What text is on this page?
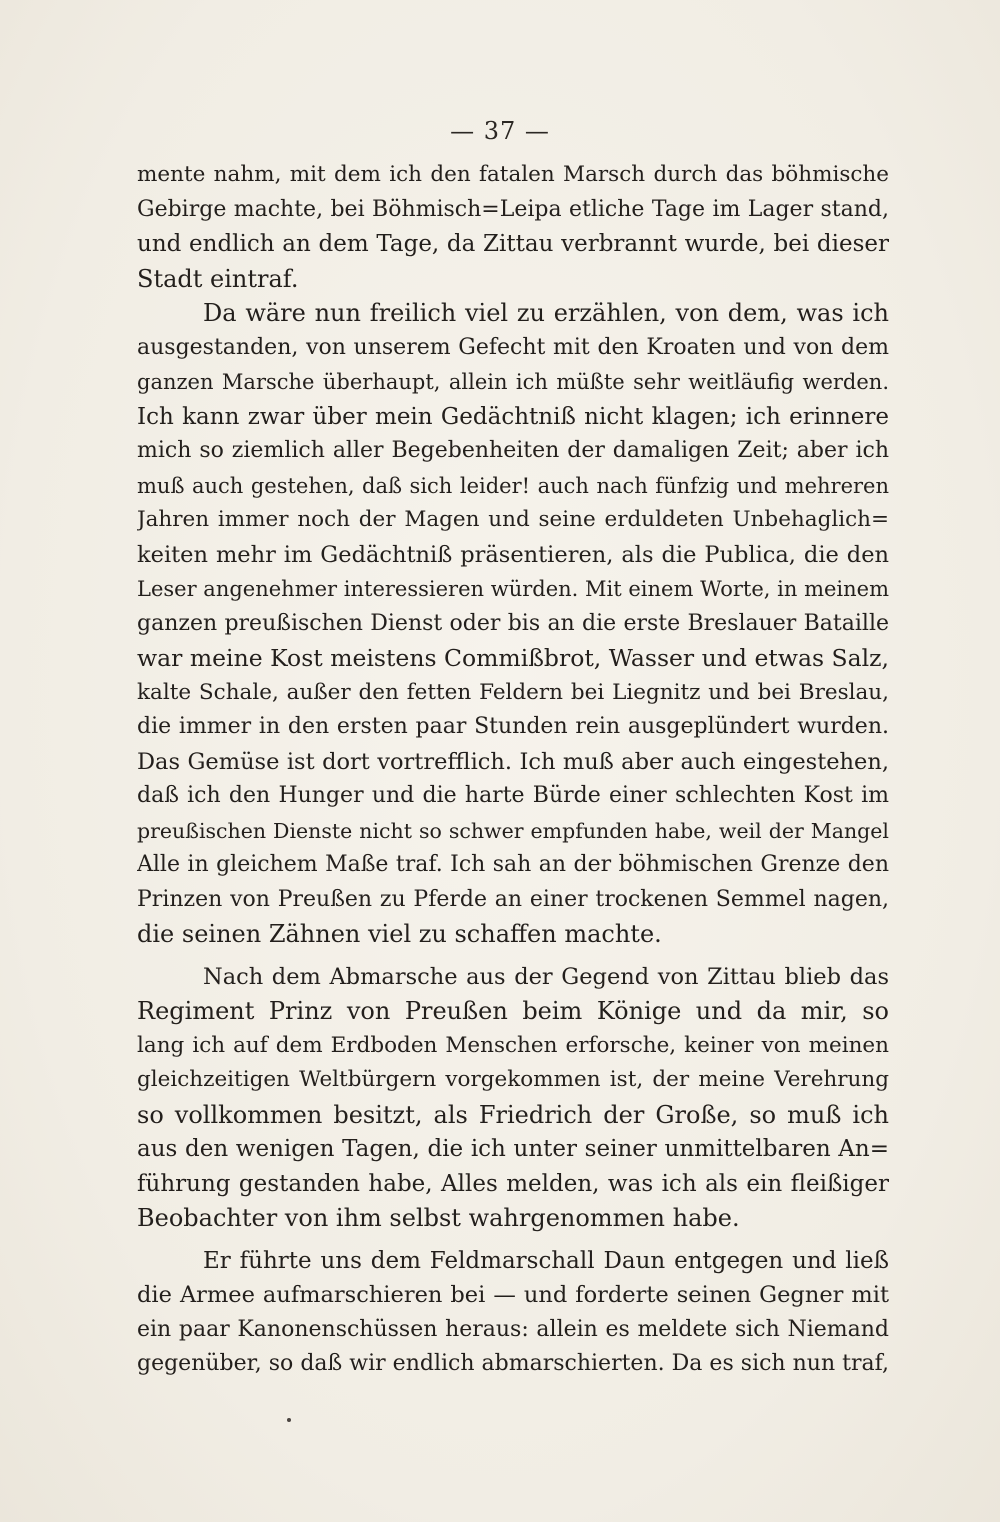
— 37 —
mente nahm, mit dem ich den fatalen Marsch durch das böhmische
Gebirge machte, bei Böhmisch=Leipa etliche Tage im Lager stand,
und endlich an dem Tage, da Zittau verbrannt wurde, bei dieser
Stadt eintraf.
Da wäre nun freilich viel zu erzählen, von dem, was ich
ausgestanden, von unserem Gefecht mit den Kroaten und von dem
ganzen Marsche überhaupt, allein ich müßte sehr weitläufig werden.
Ich kann zwar über mein Gedächtniß nicht klagen; ich erinnere
mich so ziemlich aller Begebenheiten der damaligen Zeit; aber ich
muß auch gestehen, daß sich leider! auch nach fünfzig und mehreren
Jahren immer noch der Magen und seine erduldeten Unbehaglich=
keiten mehr im Gedächtniß präsentieren, als die Publica, die den
Leser angenehmer interessieren würden. Mit einem Worte, in meinem
ganzen preußischen Dienst oder bis an die erste Breslauer Bataille
war meine Kost meistens Commißbrot, Wasser und etwas Salz,
kalte Schale, außer den fetten Feldern bei Liegnitz und bei Breslau,
die immer in den ersten paar Stunden rein ausgeplündert wurden.
Das Gemüse ist dort vortrefflich. Ich muß aber auch eingestehen,
daß ich den Hunger und die harte Bürde einer schlechten Kost im
preußischen Dienste nicht so schwer empfunden habe, weil der Mangel
Alle in gleichem Maße traf. Ich sah an der böhmischen Grenze den
Prinzen von Preußen zu Pferde an einer trockenen Semmel nagen,
die seinen Zähnen viel zu schaffen machte.
Nach dem Abmarsche aus der Gegend von Zittau blieb das
Regiment Prinz von Preußen beim Könige und da mir, so
lang ich auf dem Erdboden Menschen erforsche, keiner von meinen
gleichzeitigen Weltbürgern vorgekommen ist, der meine Verehrung
so vollkommen besitzt, als Friedrich der Große, so muß ich
aus den wenigen Tagen, die ich unter seiner unmittelbaren An=
führung gestanden habe, Alles melden, was ich als ein fleißiger
Beobachter von ihm selbst wahrgenommen habe.
Er führte uns dem Feldmarschall Daun entgegen und ließ
die Armee aufmarschieren bei — und forderte seinen Gegner mit
ein paar Kanonenschüssen heraus: allein es meldete sich Niemand
gegenüber, so daß wir endlich abmarschierten. Da es sich nun traf,
